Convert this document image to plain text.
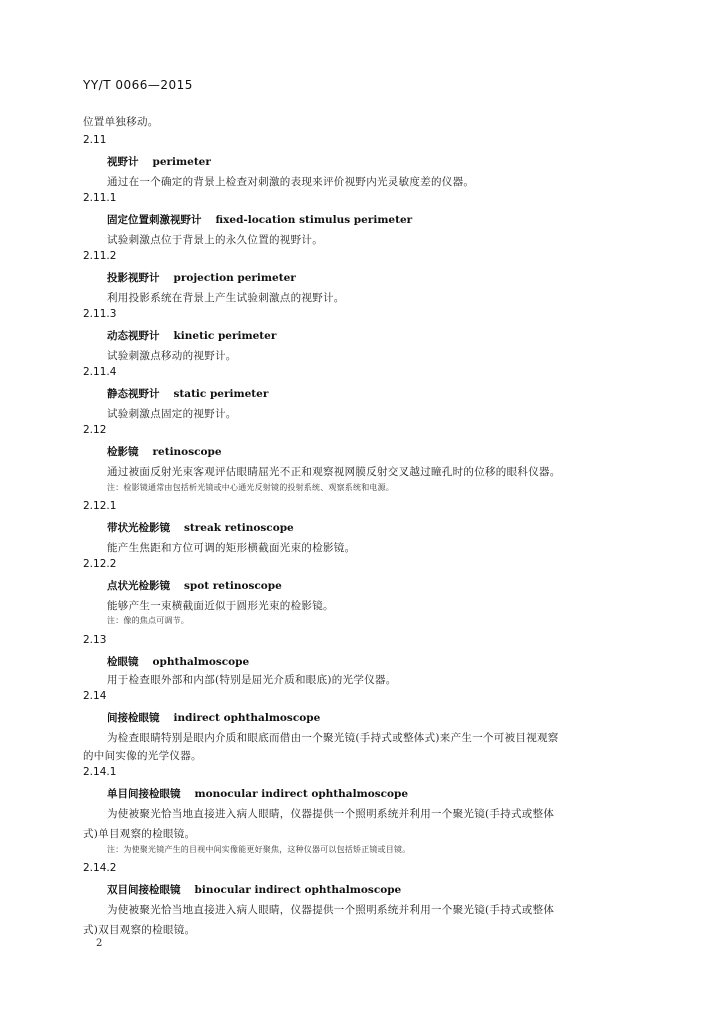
YY/T 0066—2015
位置单独移动。
2.11
视野计 perimeter
通过在一个确定的背景上检查对刺激的表现来评价视野内光灵敏度差的仪器。
2.11.1
固定位置刺激视野计 fixed-location stimulus perimeter
试验刺激点位于背景上的永久位置的视野计。
2.11.2
投影视野计 projection perimeter
利用投影系统在背景上产生试验刺激点的视野计。
2.11.3
动态视野计 kinetic perimeter
试验刺激点移动的视野计。
2.11.4
静态视野计 static perimeter
试验刺激点固定的视野计。
2.12
检影镜 retinoscope
通过被面反射光束客观评估眼睛屈光不正和观察视网膜反射交叉越过瞳孔时的位移的眼科仪器。
注：检影镜通常由包括析光镜或中心通光反射镜的投射系统、观察系统和电源。
2.12.1
带状光检影镜 streak retinoscope
能产生焦距和方位可调的矩形横截面光束的检影镜。
2.12.2
点状光检影镜 spot retinoscope
能够产生一束横截面近似于圆形光束的检影镜。
注：像的焦点可调节。
2.13
检眼镜 ophthalmoscope
用于检查眼外部和内部(特别是屈光介质和眼底)的光学仪器。
2.14
间接检眼镜 indirect ophthalmoscope
为检查眼睛特别是眼内介质和眼底而借由一个聚光镜(手持式或整体式)来产生一个可被目视观察
的中间实像的光学仪器。
2.14.1
单目间接检眼镜 monocular indirect ophthalmoscope
为使被聚光恰当地直接进入病人眼睛，仪器提供一个照明系统并利用一个聚光镜(手持式或整体
式)单目观察的检眼镜。
注：为使聚光镜产生的目视中间实像能更好聚焦，这种仪器可以包括矫正镜或目镜。
2.14.2
双目间接检眼镜 binocular indirect ophthalmoscope
为使被聚光恰当地直接进入病人眼睛，仪器提供一个照明系统并利用一个聚光镜(手持式或整体
式)双目观察的检眼镜。
2
